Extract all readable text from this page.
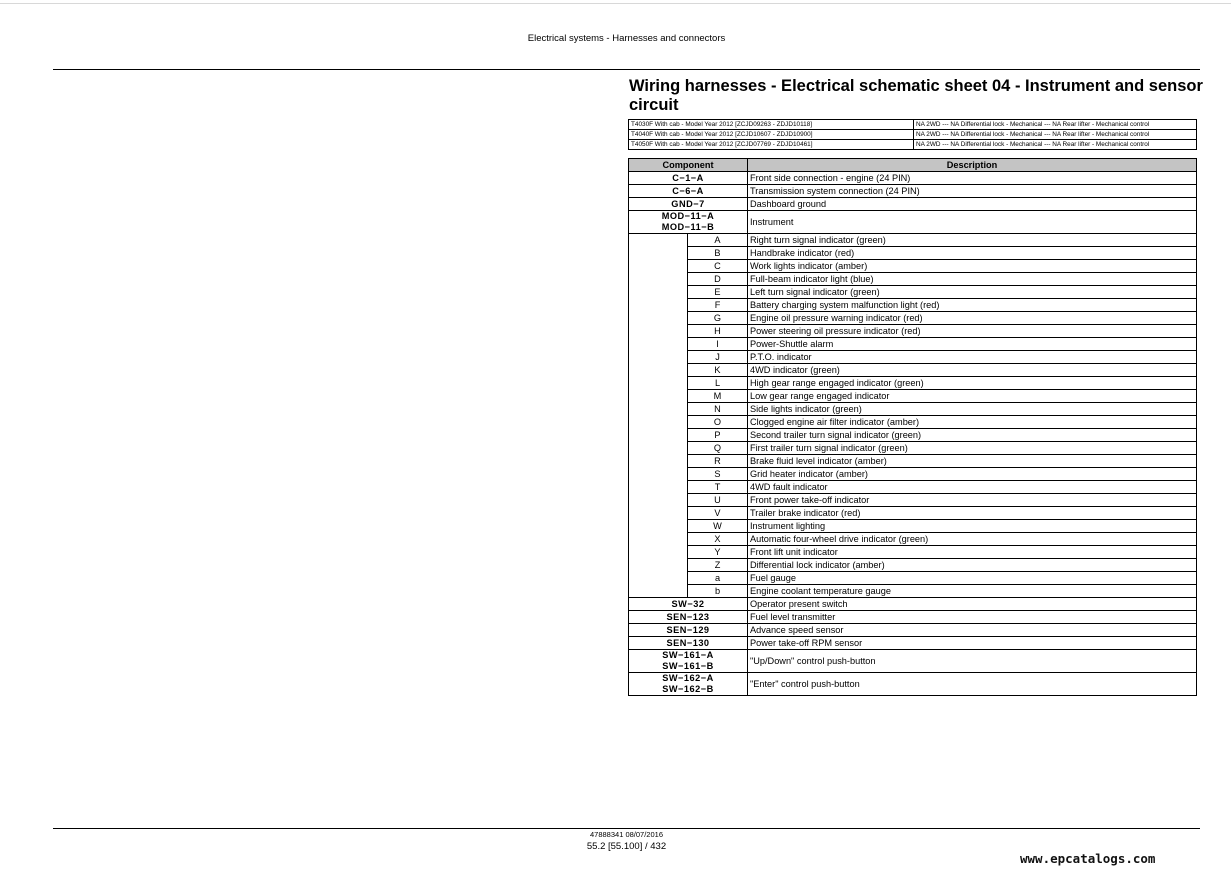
Electrical systems - Harnesses and connectors
Wiring harnesses - Electrical schematic sheet 04 - Instrument and sensor circuit
T4030F With cab - Model Year 2012 [ZCJD09263 - ZDJD10118]	NA 2WD --- NA Differential lock - Mechanical --- NA Rear lifter - Mechanical control
T4040F With cab - Model Year 2012 [ZCJD10607 - ZDJD10900]	NA 2WD --- NA Differential lock - Mechanical --- NA Rear lifter - Mechanical control
T4050F With cab - Model Year 2012 [ZCJD07769 - ZDJD10461]	NA 2WD --- NA Differential lock - Mechanical --- NA Rear lifter - Mechanical control
Component		Description
C−1−A		Front side connection - engine (24 PIN)
C−6−A		Transmission system connection (24 PIN)
GND−7		Dashboard ground

MOD−11−A
MOD−11−B		Instrument
	A	Right turn signal indicator (green)
	B	Handbrake indicator (red)
	C	Work lights indicator (amber)
	D	Full-beam indicator light (blue)
	E	Left turn signal indicator (green)
	F	Battery charging system malfunction light (red)
	G	Engine oil pressure warning indicator (red)
	H	Power steering oil pressure indicator (red)
	I	Power-Shuttle alarm
	J	P.T.O. indicator
	K	4WD indicator (green)
	L	High gear range engaged indicator (green)
	M	Low gear range engaged indicator
	N	Side lights indicator (green)
	O	Clogged engine air filter indicator (amber)
	P	Second trailer turn signal indicator (green)
	Q	First trailer turn signal indicator (green)
	R	Brake fluid level indicator (amber)
	S	Grid heater indicator (amber)
	T	4WD fault indicator
	U	Front power take-off indicator
	V	Trailer brake indicator (red)
	W	Instrument lighting
	X	Automatic four-wheel drive indicator (green)
	Y	Front lift unit indicator
	Z	Differential lock indicator (amber)
	a	Fuel gauge
	b	Engine coolant temperature gauge
SW−32		Operator present switch
SEN−123		Fuel level transmitter
SEN−129		Advance speed sensor
SEN−130		Power take-off RPM sensor

SW−161−A
SW−161−B		"Up/Down" control push-button

SW−162−A
SW−162−B		"Enter" control push-button
47888341 08/07/2016
55.2 [55.100] / 432
www.epcatalogs.com
